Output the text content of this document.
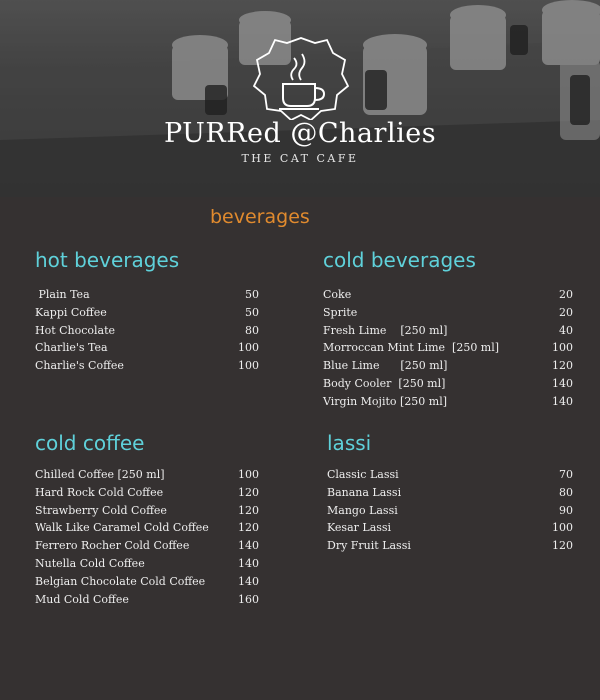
PURRed @Charlies
THE CAT CAFE
beverages
hot beverages
Plain Tea	50
Kappi Coffee	50
Hot Chocolate	80
Charlie's Tea	100
Charlie's Coffee	100
cold beverages
Coke	20
Sprite	20
Fresh Lime    [250 ml]	40
Morroccan Mint Lime  [250 ml]	100
Blue Lime      [250 ml]	120
Body Cooler  [250 ml]	140
Virgin Mojito [250 ml]	140
cold coffee
Chilled Coffee [250 ml]	100
Hard Rock Cold Coffee	120
Strawberry Cold Coffee	120
Walk Like Caramel Cold Coffee	120
Ferrero Rocher Cold Coffee	140
Nutella Cold Coffee	140
Belgian Chocolate Cold Coffee	140
Mud Cold Coffee	160
lassi
Classic Lassi	70
Banana Lassi	80
Mango Lassi	90
Kesar Lassi	100
Dry Fruit Lassi	120
